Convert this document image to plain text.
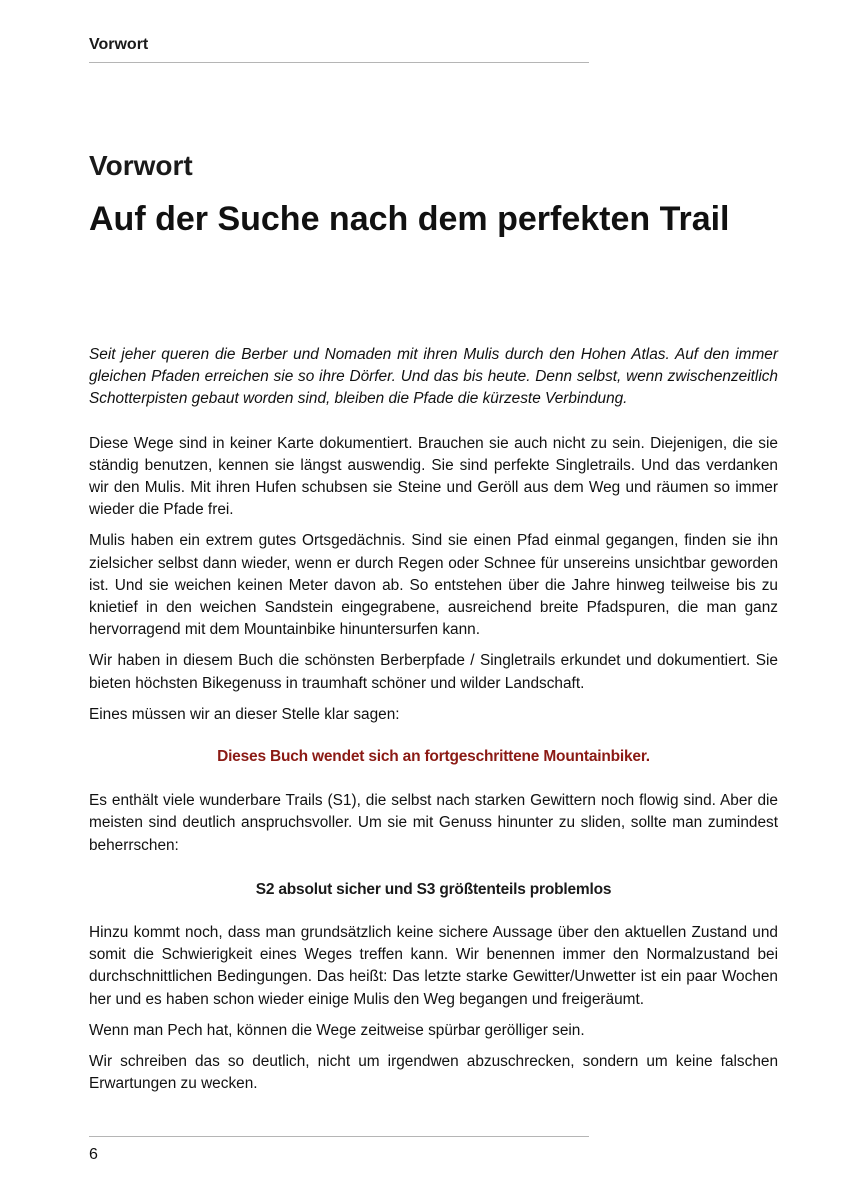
Vorwort
Vorwort
Auf der Suche nach dem perfekten Trail

Seit jeher queren die Berber und Nomaden mit ihren Mulis durch den Hohen Atlas. Auf den immer gleichen Pfaden erreichen sie so ihre Dörfer. Und das bis heute. Denn selbst, wenn zwischenzeitlich Schotterpisten gebaut worden sind, bleiben die Pfade die kürzeste Verbindung.

Diese Wege sind in keiner Karte dokumentiert. Brauchen sie auch nicht zu sein. Diejenigen, die sie ständig benutzen, kennen sie längst auswendig. Sie sind perfekte Singletrails. Und das verdanken wir den Mulis. Mit ihren Hufen schubsen sie Steine und Geröll aus dem Weg und räumen so immer wieder die Pfade frei.

Mulis haben ein extrem gutes Ortsgedächnis. Sind sie einen Pfad einmal gegangen, finden sie ihn zielsicher selbst dann wieder, wenn er durch Regen oder Schnee für unsereins unsichtbar geworden ist. Und sie weichen keinen Meter davon ab. So entstehen über die Jahre hinweg teilweise bis zu knietief in den weichen Sandstein eingegrabene, ausreichend breite Pfadspuren, die man ganz hervorragend mit dem Mountainbike hinuntersurfen kann.

Wir haben in diesem Buch die schönsten Berberpfade / Singletrails erkundet und dokumentiert. Sie bieten höchsten Bikegenuss in traumhaft schöner und wilder Landschaft.

Eines müssen wir an dieser Stelle klar sagen:

Dieses Buch wendet sich an fortgeschrittene Mountainbiker.

Es enthält viele wunderbare Trails (S1), die selbst nach starken Gewittern noch flowig sind. Aber die meisten sind deutlich anspruchsvoller. Um sie mit Genuss hinunter zu sliden, sollte man zumindest beherrschen:

S2 absolut sicher und S3 größtenteils problemlos

Hinzu kommt noch, dass man grundsätzlich keine sichere Aussage über den aktuellen Zustand und somit die Schwierigkeit eines Weges treffen kann. Wir benennen immer den Normalzustand bei durchschnittlichen Bedingungen. Das heißt: Das letzte starke Gewitter/Unwetter ist ein paar Wochen her und es haben schon wieder einige Mulis den Weg begangen und freigeräumt.

Wenn man Pech hat, können die Wege zeitweise spürbar gerölliger sein.

Wir schreiben das so deutlich, nicht um irgendwen abzuschrecken, sondern um keine falschen Erwartungen zu wecken.

6
